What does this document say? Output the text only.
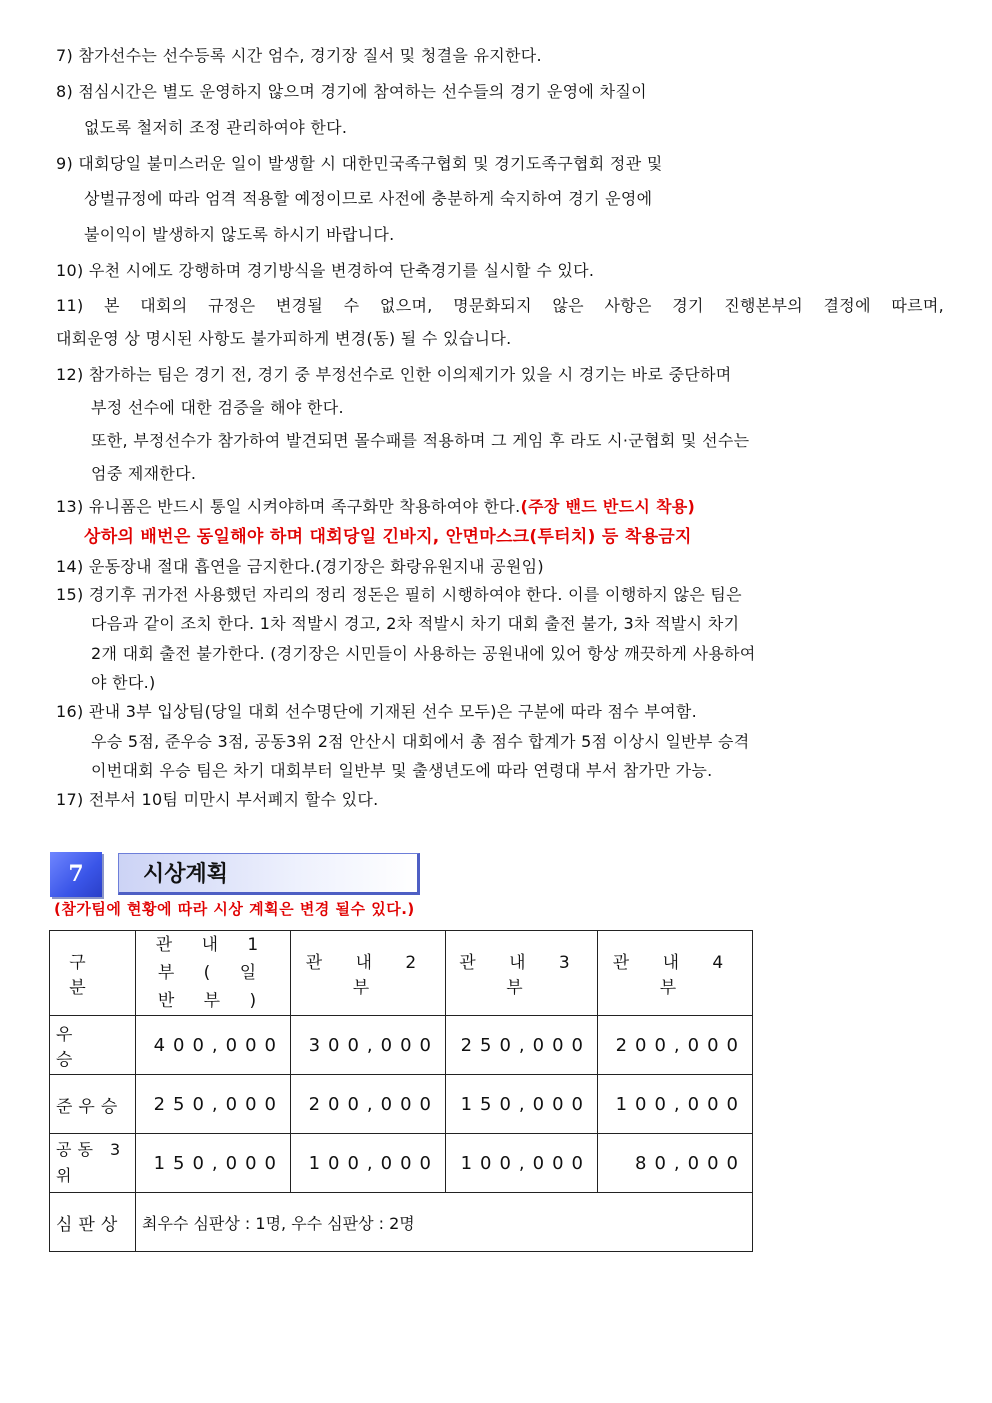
7) 참가선수는 선수등록 시간 엄수, 경기장 질서 및 청결을 유지한다.
8) 점심시간은 별도 운영하지 않으며 경기에 참여하는 선수들의 경기 운영에 차질이
없도록 철저히 조정 관리하여야 한다.
9) 대회당일 불미스러운 일이 발생할 시 대한민국족구협회 및 경기도족구협회 정관 및
상벌규정에 따라 엄격 적용할 예정이므로 사전에 충분하게 숙지하여 경기 운영에
불이익이 발생하지 않도록 하시기 바랍니다.
10) 우천 시에도 강행하며 경기방식을 변경하여 단축경기를 실시할 수 있다.
11) 본 대회의 규정은 변경될 수 없으며, 명문화되지 않은 사항은 경기 진행본부의 결정에 따르며,
대회운영 상 명시된 사항도 불가피하게 변경(동) 될 수 있습니다.
12) 참가하는 팀은 경기 전, 경기 중 부정선수로 인한 이의제기가 있을 시 경기는 바로 중단하며
부정 선수에 대한 검증을 해야 한다.
또한, 부정선수가 참가하여 발견되면 몰수패를 적용하며 그 게임 후 라도 시·군협회 및 선수는
엄중 제재한다.
13) 유니폼은 반드시 통일 시켜야하며 족구화만 착용하여야 한다.(주장 밴드 반드시 착용)
상하의 배번은 동일해야 하며 대회당일 긴바지, 안면마스크(투터치) 등 착용금지
14) 운동장내 절대 흡연을 금지한다.(경기장은 화랑유원지내 공원임)
15) 경기후 귀가전 사용했던 자리의 정리 정돈은 필히 시행하여야 한다. 이를 이행하지 않은 팀은
다음과 같이 조치 한다. 1차 적발시 경고, 2차 적발시 차기 대회 출전 불가, 3차 적발시 차기
2개 대회 출전 불가한다. (경기장은 시민들이 사용하는 공원내에 있어 항상 깨끗하게 사용하여
야 한다.)
16) 관내 3부 입상팀(당일 대회 선수명단에 기재된 선수 모두)은 구분에 따라 점수 부여함.
우승 5점, 준우승 3점, 공동3위 2점 안산시 대회에서 총 점수 합계가 5점 이상시 일반부 승격
이번대회 우승 팀은 차기 대회부터 일반부 및 출생년도에 따라 연령대 부서 참가만 가능.
17) 전부서 10팀 미만시 부서폐지 할수 있다.
7	시상계획
(참가팀에 현황에 따라 시상 계획은 변경 될수 있다.)
구 분	관 내 1 부 ( 일 반 부 )	관 내 2 부	관 내 3 부	관 내 4 부
우 승	400,000	300,000	250,000	200,000
준우승	250,000	200,000	150,000	100,000
공동 3위	150,000	100,000	100,000	80,000
심판상	최우수 심판상 : 1명, 우수 심판상 : 2명			
